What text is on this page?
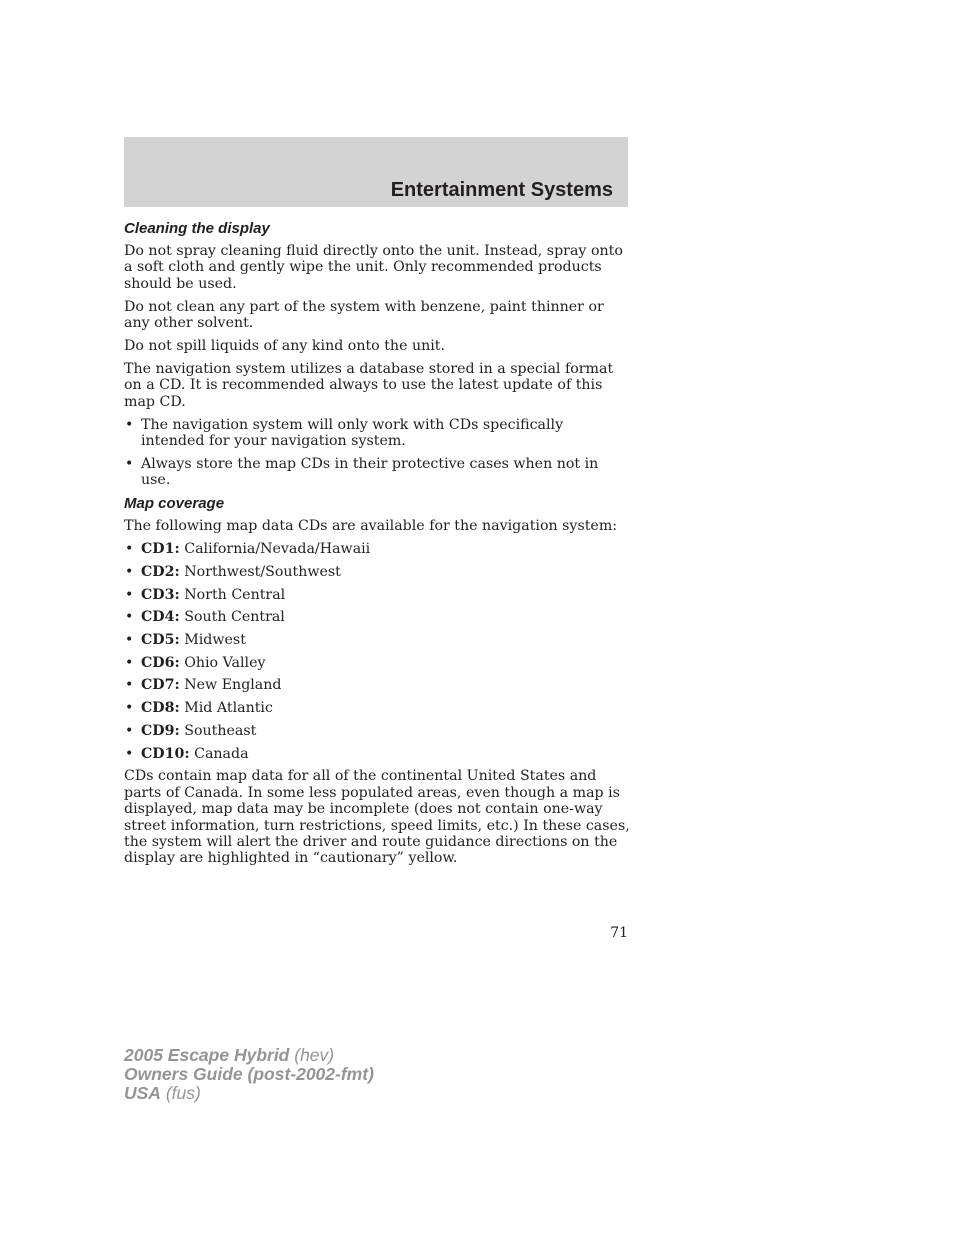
Entertainment Systems
Cleaning the display

Do not spray cleaning fluid directly onto the unit. Instead, spray onto a soft cloth and gently wipe the unit. Only recommended products should be used.

Do not clean any part of the system with benzene, paint thinner or any other solvent.

Do not spill liquids of any kind onto the unit.

The navigation system utilizes a database stored in a special format on a CD. It is recommended always to use the latest update of this map CD.

• The navigation system will only work with CDs specifically intended for your navigation system.
• Always store the map CDs in their protective cases when not in use.
Map coverage

The following map data CDs are available for the navigation system:

• CD1: California/Nevada/Hawaii
• CD2: Northwest/Southwest
• CD3: North Central
• CD4: South Central
• CD5: Midwest
• CD6: Ohio Valley
• CD7: New England
• CD8: Mid Atlantic
• CD9: Southeast
• CD10: Canada

CDs contain map data for all of the continental United States and parts of Canada. In some less populated areas, even though a map is displayed, map data may be incomplete (does not contain one-way street information, turn restrictions, speed limits, etc.) In these cases, the system will alert the driver and route guidance directions on the display are highlighted in “cautionary” yellow.

71
2005 Escape Hybrid (hev)
Owners Guide (post-2002-fmt)
USA (fus)
